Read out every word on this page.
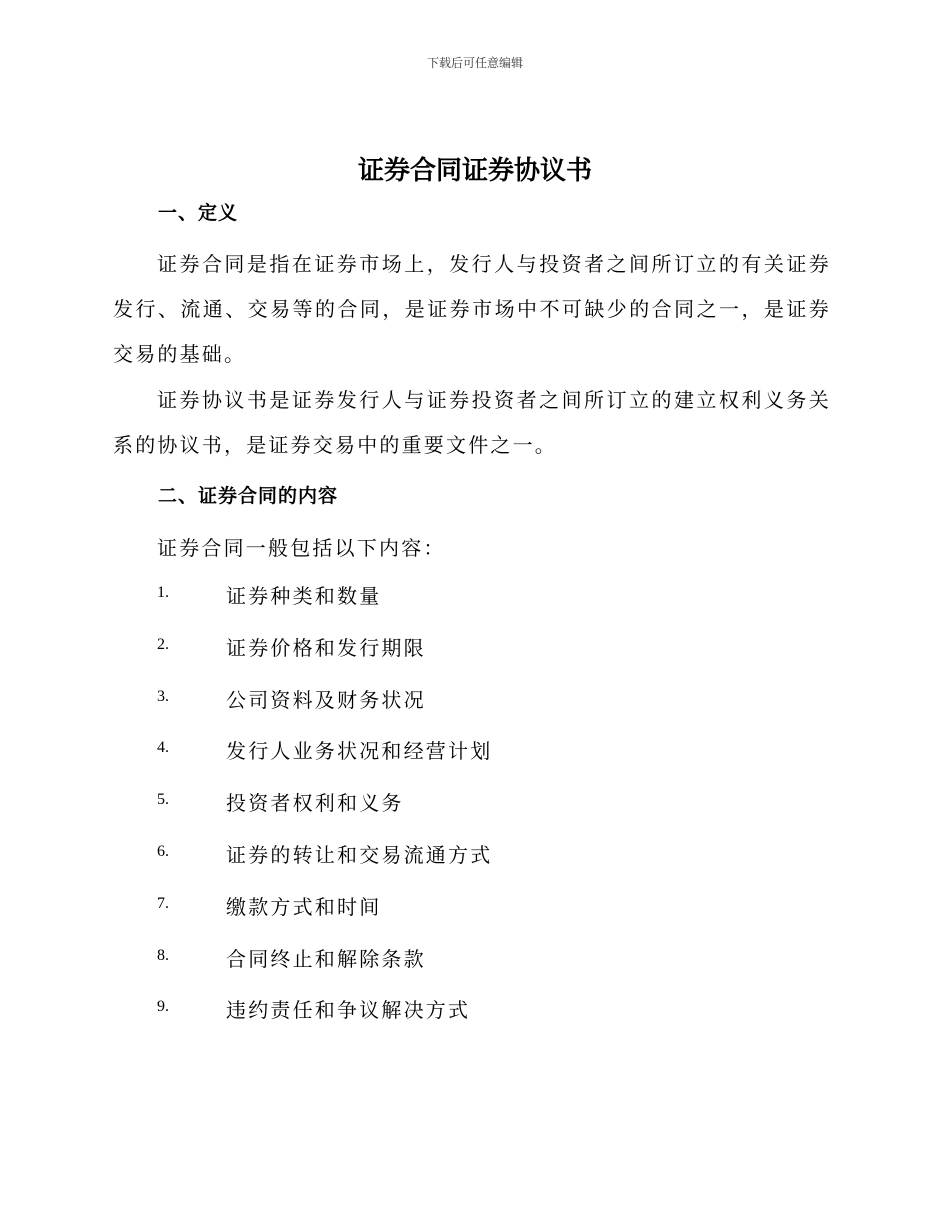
下载后可任意编辑
证券合同证券协议书
一、定义

证券合同是指在证券市场上，发行人与投资者之间所订立的有关证券发行、流通、交易等的合同，是证券市场中不可缺少的合同之一，是证券交易的基础。

证券协议书是证券发行人与证券投资者之间所订立的建立权利义务关系的协议书，是证券交易中的重要文件之一。

二、证券合同的内容

证券合同一般包括以下内容：

1.	证券种类和数量
2.	证券价格和发行期限
3.	公司资料及财务状况
4.	发行人业务状况和经营计划
5.	投资者权利和义务
6.	证券的转让和交易流通方式
7.	缴款方式和时间
8.	合同终止和解除条款
9.	违约责任和争议解决方式
